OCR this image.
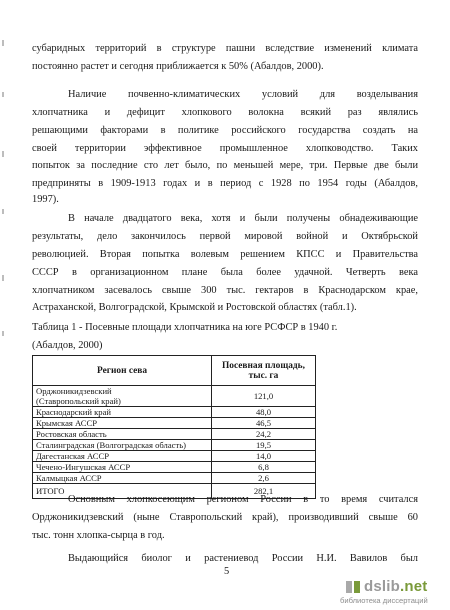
субаридных территорий в структуре пашни вследствие изменений климата
постоянно растет и сегодня приближается к 50% (Абалдов, 2000).
Наличие почвенно-климатических условий для возделывания
хлопчатника и дефицит хлопкового волокна всякий раз являлись
решающими факторами в политике российского государства создать на
своей территории эффективное промышленное хлопководство. Таких
попыток за последние сто лет было, по меньшей мере, три. Первые две были
предприняты в 1909-1913 годах и в период с 1928 по 1954 годы (Абалдов,
1997).
В начале двадцатого века, хотя и были получены обнадеживающие
результаты, дело закончилось первой мировой войной и Октябрьской
революцией. Вторая попытка волевым решением КПСС и Правительства
СССР в организационном плане была более удачной. Четверть века
хлопчатником засевалось свыше 300 тыс. гектаров в Краснодарском крае,
Астраханской, Волгоградской, Крымской и Ростовской областях (табл.1).
Таблица 1 - Посевные площади хлопчатника на юге РСФСР в 1940 г.
(Абалдов, 2000)
Регион сева	Посевная площадь, тыс. га
Орджоникидзевский
(Ставропольский край)	121,0
Краснодарский край	48,0
Крымская АССР	46,5
Ростовская область	24,2
Сталинградская (Волгоградская область)	19,5
Дагестанская АССР	14,0
Чечено-Ингушская АССР	6,8
Калмыцкая АССР	2,6
ИТОГО	282,1
Основным хлопкосеющим регионом России в то время считался
Орджоникидзевский (ныне Ставропольский край), производивший свыше 60
тыс. тонн хлопка-сырца в год.
Выдающийся биолог и растениевод России Н.И. Вавилов был
5
dslib.net
библиотека диссертаций
